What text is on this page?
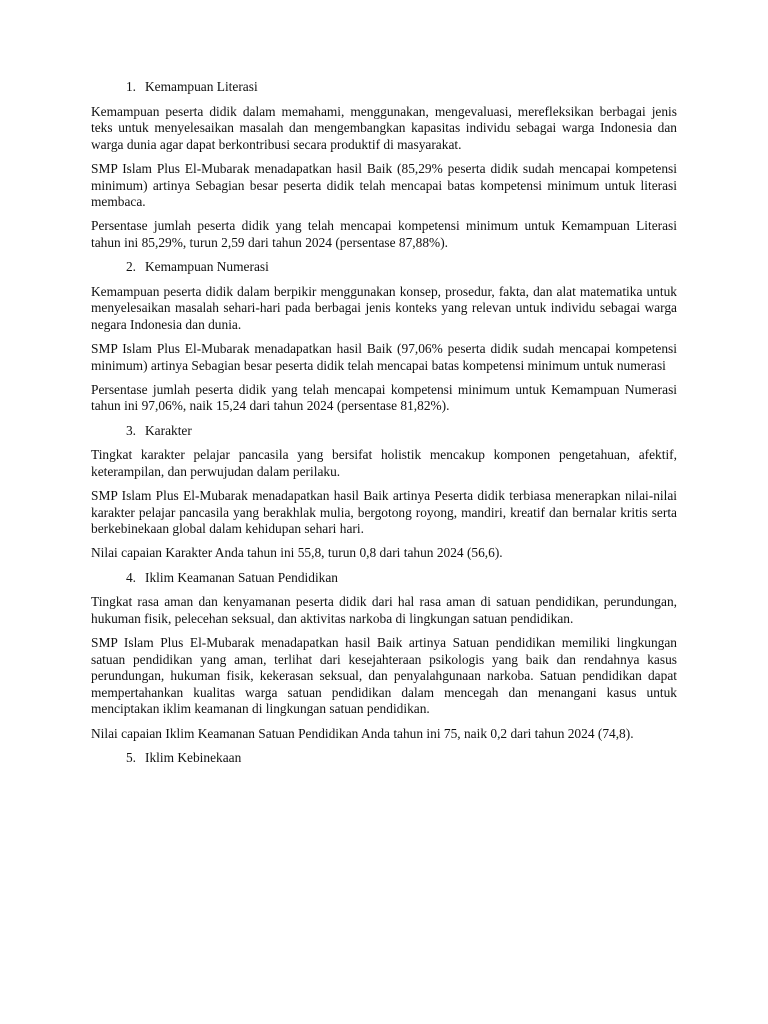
1. Kemampuan Literasi

Kemampuan peserta didik dalam memahami, menggunakan, mengevaluasi, merefleksikan berbagai jenis teks untuk menyelesaikan masalah dan mengembangkan kapasitas individu sebagai warga Indonesia dan warga dunia agar dapat berkontribusi secara produktif di masyarakat.

SMP Islam Plus El-Mubarak menadapatkan hasil Baik (85,29% peserta didik sudah mencapai kompetensi minimum) artinya Sebagian besar peserta didik telah mencapai batas kompetensi minimum untuk literasi membaca.

Persentase jumlah peserta didik yang telah mencapai kompetensi minimum untuk Kemampuan Literasi tahun ini 85,29%, turun 2,59 dari tahun 2024 (persentase 87,88%).

2. Kemampuan Numerasi

Kemampuan peserta didik dalam berpikir menggunakan konsep, prosedur, fakta, dan alat matematika untuk menyelesaikan masalah sehari-hari pada berbagai jenis konteks yang relevan untuk individu sebagai warga negara Indonesia dan dunia.

SMP Islam Plus El-Mubarak menadapatkan hasil Baik (97,06% peserta didik sudah mencapai kompetensi minimum) artinya Sebagian besar peserta didik telah mencapai batas kompetensi minimum untuk numerasi

Persentase jumlah peserta didik yang telah mencapai kompetensi minimum untuk Kemampuan Numerasi tahun ini 97,06%, naik 15,24 dari tahun 2024 (persentase 81,82%).

3. Karakter

Tingkat karakter pelajar pancasila yang bersifat holistik mencakup komponen pengetahuan, afektif, keterampilan, dan perwujudan dalam perilaku.

SMP Islam Plus El-Mubarak menadapatkan hasil Baik artinya Peserta didik terbiasa menerapkan nilai-nilai karakter pelajar pancasila yang berakhlak mulia, bergotong royong, mandiri, kreatif dan bernalar kritis serta berkebinekaan global dalam kehidupan sehari hari.

Nilai capaian Karakter Anda tahun ini 55,8, turun 0,8 dari tahun 2024 (56,6).

4. Iklim Keamanan Satuan Pendidikan

Tingkat rasa aman dan kenyamanan peserta didik dari hal rasa aman di satuan pendidikan, perundungan, hukuman fisik, pelecehan seksual, dan aktivitas narkoba di lingkungan satuan pendidikan.

SMP Islam Plus El-Mubarak menadapatkan hasil Baik artinya Satuan pendidikan memiliki lingkungan satuan pendidikan yang aman, terlihat dari kesejahteraan psikologis yang baik dan rendahnya kasus perundungan, hukuman fisik, kekerasan seksual, dan penyalahgunaan narkoba. Satuan pendidikan dapat mempertahankan kualitas warga satuan pendidikan dalam mencegah dan menangani kasus untuk menciptakan iklim keamanan di lingkungan satuan pendidikan.

Nilai capaian Iklim Keamanan Satuan Pendidikan Anda tahun ini 75, naik 0,2 dari tahun 2024 (74,8).

5. Iklim Kebinekaan
